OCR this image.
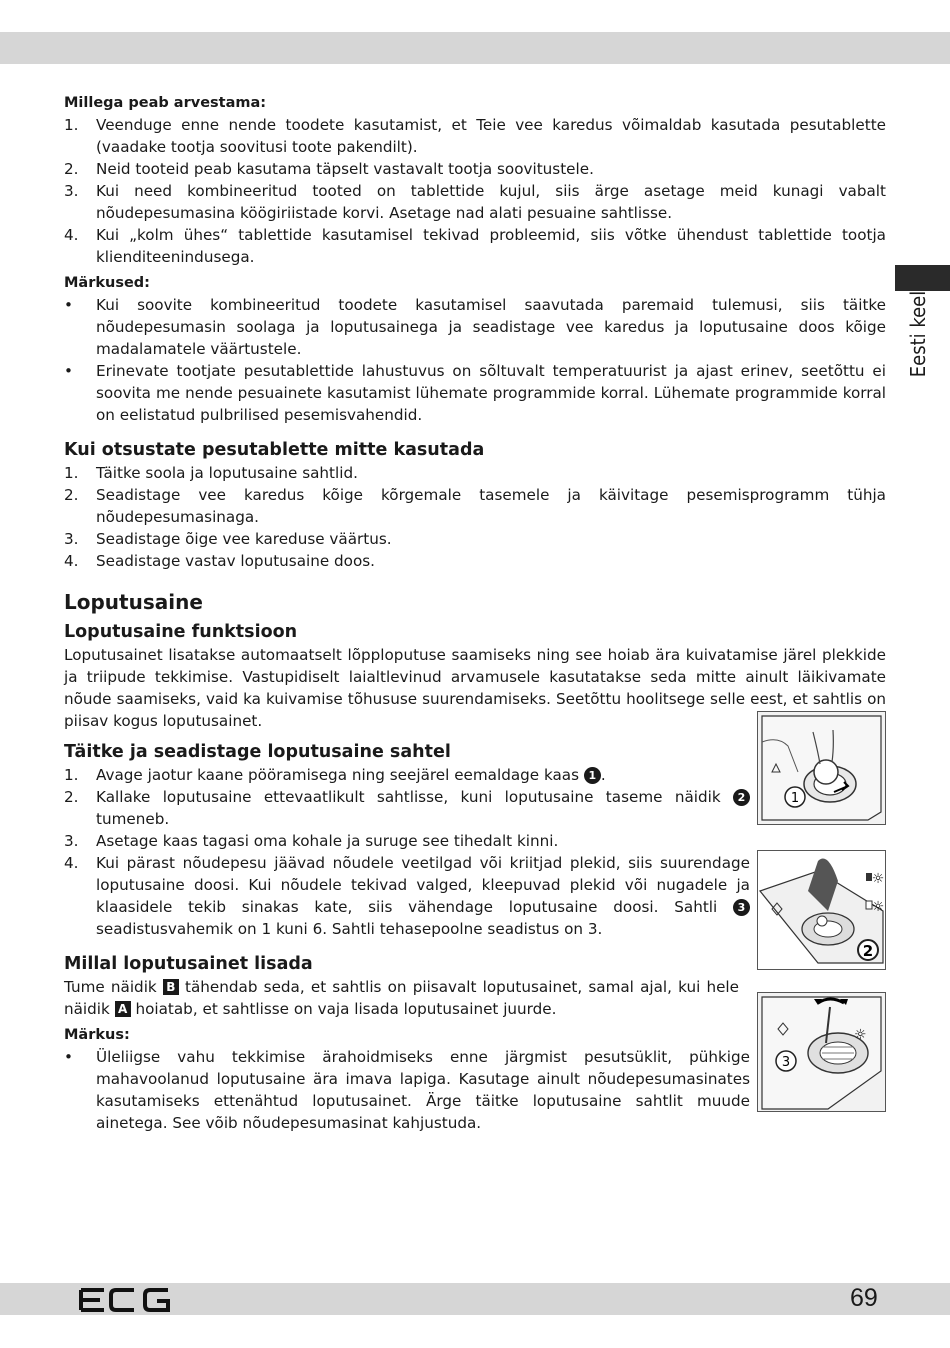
Eesti keel
Millega peab arvestama:
1. Veenduge enne nende toodete kasutamist, et Teie vee karedus võimaldab kasutada pesutablette (vaadake tootja soovitusi toote pakendilt).
2. Neid tooteid peab kasutama täpselt vastavalt tootja soovitustele.
3. Kui need kombineeritud tooted on tablettide kujul, siis ärge asetage meid kunagi vabalt nõudepesumasina köögiriistade korvi. Asetage nad alati pesuaine sahtlisse.
4. Kui „kolm ühes“ tablettide kasutamisel tekivad probleemid, siis võtke ühendust tablettide tootja klienditeenindusega.
Märkused:
• Kui soovite kombineeritud toodete kasutamisel saavutada paremaid tulemusi, siis täitke nõudepesumasin soolaga ja loputusainega ja seadistage vee karedus ja loputusaine doos kõige madalamatele väärtustele.
• Erinevate tootjate pesutablettide lahustuvus on sõltuvalt temperatuurist ja ajast erinev, seetõttu ei soovita me nende pesuainete kasutamist lühemate programmide korral. Lühemate programmide korral on eelistatud pulbrilised pesemisvahendid.
Kui otsustate pesutablette mitte kasutada
1. Täitke soola ja loputusaine sahtlid.
2. Seadistage vee karedus kõige kõrgemale tasemele ja käivitage pesemisprogramm tühja nõudepesumasinaga.
3. Seadistage õige vee kareduse väärtus.
4. Seadistage vastav loputusaine doos.
Loputusaine
Loputusaine funktsioon

Loputusainet lisatakse automaatselt lõpploputuse saamiseks ning see hoiab ära kuivatamise järel plekkide ja triipude tekkimise. Vastupidiselt laialtlevinud arvamusele kasutatakse seda mitte ainult läikivamate nõude saamiseks, vaid ka kuivamise tõhususe suurendamiseks. Seetõttu hoolitsege selle eest, et sahtlis on piisav kogus loputusainet.

Täitke ja seadistage loputusaine sahtel
1. Avage jaotur kaane pööramisega ning seejärel eemaldage kaas 1 .
2. Kallake loputusaine ettevaatlikult sahtlisse, kuni loputusaine taseme näidik 2 tumeneb.
3. Asetage kaas tagasi oma kohale ja suruge see tihedalt kinni.
4. Kui pärast nõudepesu jäävad nõudele veetilgad või kriitjad plekid, siis suurendage loputusaine doosi. Kui nõudele tekivad valged, kleepuvad plekid või nugadele ja klaasidele tekib sinakas kate, siis vähendage loputusaine doosi. Sahtli 3 seadistusvahemik on 1 kuni 6. Sahtli tehasepoolne seadistus on 3.
Millal loputusainet lisada

Tume näidik B tähendab seda, et sahtlis on piisavalt loputusainet, samal ajal, kui hele näidik A hoiatab, et sahtlisse on vaja lisada loputusainet juurde.

Märkus:
• Üleliigse vahu tekkimise ärahoidmiseks enne järgmist pesutsüklit, pühkige mahavoolanud loputusaine ära imava lapiga. Kasutage ainult nõudepesumasinates kasutamiseks ettenähtud loputusainet. Ärge täitke loputusaine sahtlit muude ainetega. See võib nõudepesumasinat kahjustuda.
1
☼
☼
2
☼
3
69
